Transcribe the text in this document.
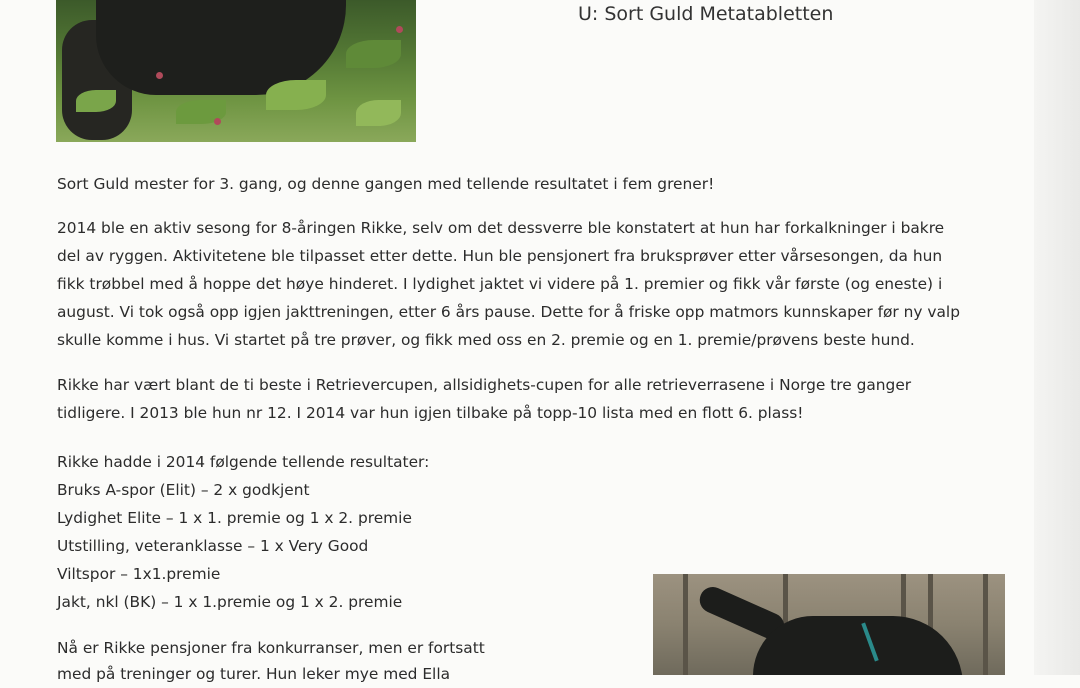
U: Sort Guld Metatabletten
Sort Guld mester for 3. gang, og denne gangen med tellende resultatet i fem grener!
2014 ble en aktiv sesong for 8-åringen Rikke, selv om det dessverre ble konstatert at hun har forkalkninger i bakre
del av ryggen. Aktivitetene ble tilpasset etter dette. Hun ble pensjonert fra bruksprøver etter vårsesongen, da hun
fikk trøbbel med å hoppe det høye hinderet. I lydighet jaktet vi videre på 1. premier og fikk vår første (og eneste) i
august. Vi tok også opp igjen jakttreningen, etter 6 års pause. Dette for å friske opp matmors kunnskaper før ny valp
skulle komme i hus. Vi startet på tre prøver, og fikk med oss en 2. premie og en 1. premie/prøvens beste hund.
Rikke har vært blant de ti beste i Retrievercupen, allsidighets-cupen for alle retrieverrasene i Norge tre ganger
tidligere. I 2013 ble hun nr 12. I 2014 var hun igjen tilbake på topp-10 lista med en flott 6. plass!
Rikke hadde i 2014 følgende tellende resultater:
Bruks A-spor (Elit) – 2 x godkjent
Lydighet Elite – 1 x 1. premie og 1 x 2. premie
Utstilling, veteranklasse – 1 x Very Good
Viltspor – 1x1.premie
Jakt, nkl (BK) – 1 x 1.premie og 1 x 2. premie
Nå er Rikke pensjoner fra konkurranser, men er fortsatt
med på treninger og turer. Hun leker mye med Ella
